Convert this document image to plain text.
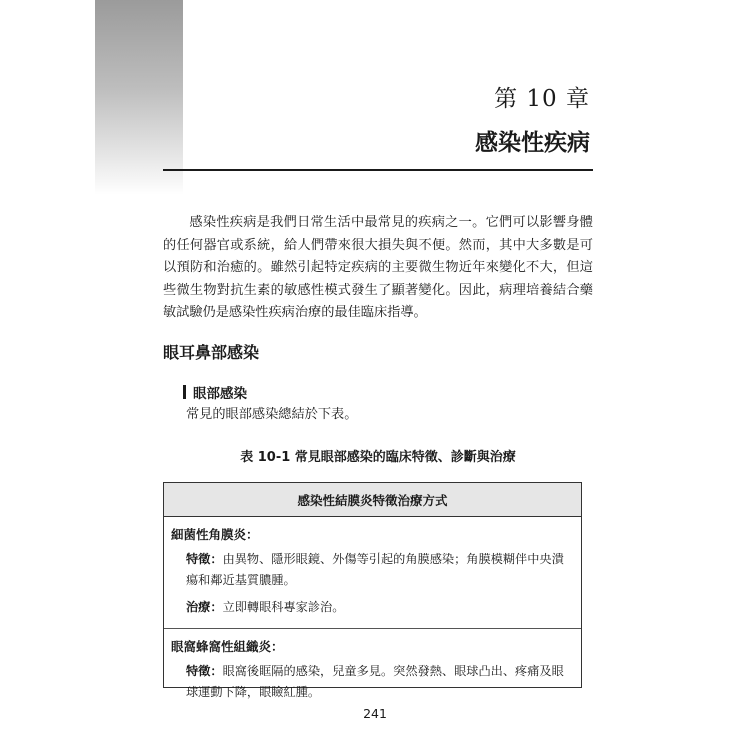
第 10 章
感染性疾病

感染性疾病是我們日常生活中最常見的疾病之一。它們可以影響身體的任何器官或系統，給人們帶來很大損失與不便。然而，其中大多數是可以預防和治癒的。雖然引起特定疾病的主要微生物近年來變化不大，但這些微生物對抗生素的敏感性模式發生了顯著變化。因此，病理培養結合藥敏試驗仍是感染性疾病治療的最佳臨床指導。

眼耳鼻部感染
眼部感染
常見的眼部感染總結於下表。
表 10-1 常見眼部感染的臨床特徵、診斷與治療
感染性結膜炎特徵治療方式
細菌性角膜炎：
特徵：由異物、隱形眼鏡、外傷等引起的角膜感染；角膜模糊伴中央潰瘍和鄰近基質膿腫。
治療：立即轉眼科專家診治。
眼窩蜂窩性組織炎：
特徵：眼窩後眶隔的感染，兒童多見。突然發熱、眼球凸出、疼痛及眼球運動下降，眼瞼紅腫。
241
